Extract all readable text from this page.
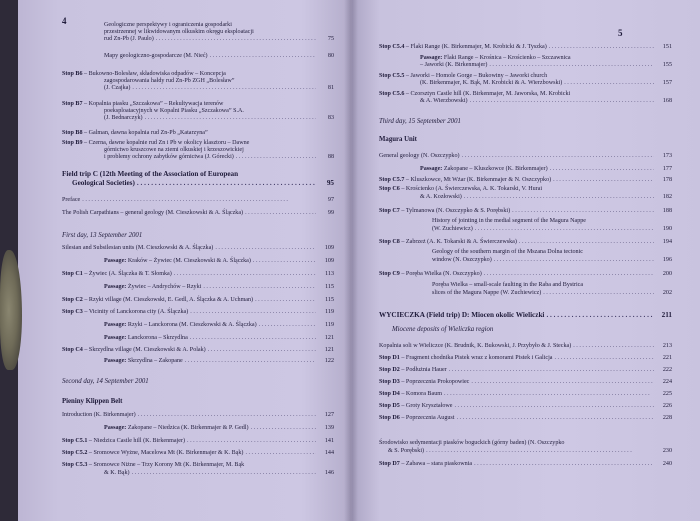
4
5
Geologiczne perspektywy i ograniczenia gospodarki
przestrzennej w likwidowanym olkuskim okręgu eksploatacji
rud Zn-Pb (J. Paulo) . . .	75
Mapy geologiczno-gospodarcze (M. Nieć) . . .	80
Stop B6 – Bukowno-Bolesław, składowiska odpadów – Koncepcja
zagospodarowania hałdy rud Zn-Pb ZGH „Bolesław”
(J. Czajka) . . .	81
Stop B7 – Kopalnia piasku „Szczakowa” – Rekultywacja terenów
poeksploatacyjnych w Kopalni Piasku „Szczakowa” S.A.
(J. Bednarczyk) . . .	83
Stop B8 – Galman, dawna kopalnia rud Zn-Pb „Katarzyna”
Stop B9 – Czerna, dawne kopalnie rud Zn i Pb w okolicy klasztoru – Dawne
górnictwo kruszcowe na ziemi olkuskiej i krzeszowickiej
i problemy ochrony zabytków górnictwa (J. Górecki) . . .	88
Field trip C (12th Meeting of the Association of European
Geological Societies) . . .	95
Preface . . .	97
The Polish Carpathians – general geology (M. Cieszkowski & A. Ślączka) . . .	99
First day, 13 September 2001
Silesian and Subsilesian units (M. Cieszkowski & A. Ślączka) . . .	109
Passage: Kraków – Żywiec (M. Cieszkowski & A. Ślączka) . . .	109
Stop C1 – Żywiec (A. Ślączka & T. Słomka) . . .	113
Passage: Żywiec – Andrychów – Rzyki . . .	115
Stop C2 – Rzyki village (M. Cieszkowski, E. Gedl, A. Ślączka & A. Uchman) . . .	115
Stop C3 – Vicinity of Lanckorona city (A. Ślączka) . . .	119
Passage: Rzyki – Lanckorona (M. Cieszkowski & A. Ślączka) . . .	119
Passage: Lanckorona – Skrzydlna . . .	121
Stop C4 – Skrzydlna village (M. Cieszkowski & A. Polak) . . .	121
Passage: Skrzydlna – Zakopane . . .	122
Second day, 14 September 2001
Pieniny Klippen Belt
Introduction (K. Birkenmajer) . . .	127
Passage: Zakopane – Niedzica (K. Birkenmajer & P. Gedl) . . .	139
Stop C5.1 – Niedzica Castle hill (K. Birkenmajer) . . .	141
Stop C5.2 – Sromowce Wyżne, Macelowa Mt (K. Birkenmajer & K. Bąk) . . .	144
Stop C5.3 – Sromowce Niżne – Trzy Korony Mt (K. Birkenmajer, M. Bąk
& K. Bąk) . . .	146
Stop C5.4 – Flaki Range (K. Birkenmajer, M. Krobicki & J. Tyszka) . . .	151
Passage: Flaki Range – Krośnica – Krościenko – Szczawnica
– Jaworki (K. Birkenmajer) . . .	155
Stop C5.5 – Jaworki – Homole Gorge – Bukowiny – Jaworki church
(K. Birkenmajer, K. Bąk, M. Krobicki & A. Wierzbowski) . . .	157
Stop C5.6 – Czorsztyn Castle hill (K. Birkenmajer, M. Jaworska, M. Krobicki
& A. Wierzbowski) . . .	168
Third day, 15 September 2001
Magura Unit
General geology (N. Oszczypko) . . .	173
Passage: Zakopane – Kluszkowce (K. Birkenmajer) . . .	177
Stop C5.7 – Kluszkowce, Mt Wżar (K. Birkenmajer & N. Oszczypko) . . .	178
Stop C6 – Krościenko (A. Świerczewska, A. K. Tokarski, V. Hurai
& A. Kozłowski) . . .	182
Stop C7 – Tylmanowa (N. Oszczypko & S. Porębski) . . .	188
History of jointing in the medial segment of the Magura Nappe
(W. Zuchiewicz) . . .	190
Stop C8 – Zabrzeż (A. K. Tokarski & A. Świerczewska) . . .	194
Geology of the southern margin of the Mszana Dolna tectonic
window (N. Oszczypko) . . .	196
Stop C9 – Poręba Wielka (N. Oszczypko) . . .	200
Poręba Wielka – small-scale faulting in the Raba and Bystrica
slices of the Magura Nappe (W. Zuchiewicz) . . .	202
WYCIECZKA (Field trip) D: Miocen okolic Wieliczki . . .	211
Miocene deposits of Wieliczka region
Kopalnia soli w Wieliczce (K. Brudnik, K. Bukowski, J. Przybyło & J. Stecka) . . .	213
Stop D1 – Fragment chodnika Pistek wraz z komorami Pistek i Galicja . . .	221
Stop D2 – Podłużnia Hauer . . .	222
Stop D3 – Poprzecznia Prokopowiec . . .	224
Stop D4 – Komora Baum . . .	225
Stop D5 – Groty Kryształowe . . .	226
Stop D6 – Poprzecznia August . . .	228
Środowisko sedymentacji piasków boguckich (górny baden) (N. Oszczypko
& S. Porębski) . . .	230
Stop D7 – Zabawa – stara piaskownia . . .	240
